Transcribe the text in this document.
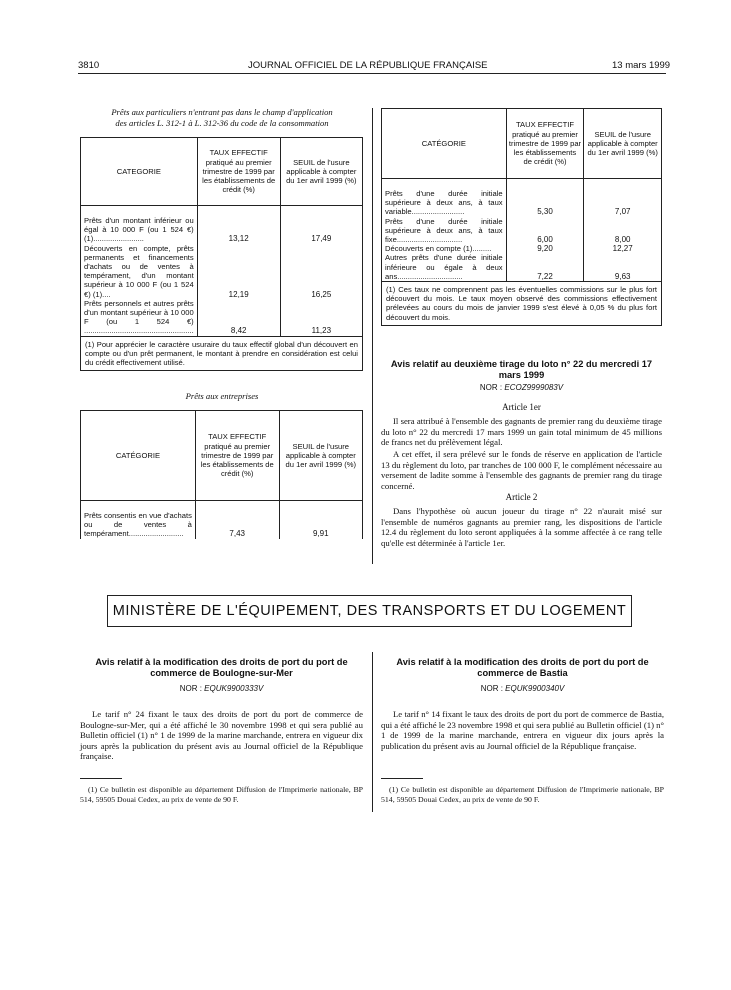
3810	JOURNAL OFFICIEL DE LA RÉPUBLIQUE FRANÇAISE	13 mars 1999
Prêts aux particuliers n'entrant pas dans le champ d'application
des articles L. 312-1 à L. 312-36 du code de la consommation
CATEGORIE	TAUX EFFECTIF pratiqué au premier trimestre de 1999 par les établissements de crédit (%)	SEUIL de l'usure applicable à compter du 1er avril 1999 (%)

Prêts d'un montant inférieur ou égal à 10 000 F (ou 1 524 €) (1)........................	13,12	17,49
Découverts en compte, prêts permanents et financements d'achats ou de ventes à tempérament, d'un montant supérieur à 10 000 F (ou 1 524 €) (1)....	12,19	16,25
Prêts personnels et autres prêts d'un montant supérieur à 10 000 F (ou 1 524 €) ....................................................	8,42	11,23
(1) Pour apprécier le caractère usuraire du taux effectif global d'un découvert en compte ou d'un prêt permanent, le montant à prendre en considération est celui du crédit effectivement utilisé.		
Prêts aux entreprises
CATÉGORIE	TAUX EFFECTIF pratiqué au premier trimestre de 1999 par les établissements de crédit (%)	SEUIL de l'usure applicable à compter du 1er avril 1999 (%)

Prêts consentis en vue d'achats ou de ventes à tempérament..........................	7,43	9,91
CATÉGORIE	TAUX EFFECTIF pratiqué au premier trimestre de 1999 par les établissements de crédit (%)	SEUIL de l'usure applicable à compter du 1er avril 1999 (%)

Prêts d'une durée initiale supérieure à deux ans, à taux variable.........................	5,30	7,07
Prêts d'une durée initiale supérieure à deux ans, à taux fixe...............................	6,00	8,00
Découverts en compte (1).........	9,20	12,27
Autres prêts d'une durée initiale inférieure ou égale à deux ans...............................	7,22	9,63
(1) Ces taux ne comprennent pas les éventuelles commissions sur le plus fort découvert du mois. Le taux moyen observé des commissions effectivement prélevées au cours du mois de janvier 1999 s'est élevé à 0,05 % du plus fort découvert du mois.		
Avis relatif au deuxième tirage du loto n° 22 du mercredi 17 mars 1999
NOR : ECOZ9999083V
Article 1er
Il sera attribué à l'ensemble des gagnants de premier rang du deuxième tirage du loto n° 22 du mercredi 17 mars 1999 un gain total minimum de 45 millions de francs net du prélèvement légal.
A cet effet, il sera prélevé sur le fonds de réserve en application de l'article 13 du règlement du loto, par tranches de 100 000 F, le complément nécessaire au versement de ladite somme à l'ensemble des gagnants de premier rang du tirage concerné.
Article 2
Dans l'hypothèse où aucun joueur du tirage n° 22 n'aurait misé sur l'ensemble de numéros gagnants au premier rang, les dispositions de l'article 12.4 du règlement du loto seront appliquées à la somme affectée à ce rang telle qu'elle est déterminée à l'article 1er.
MINISTÈRE DE L'ÉQUIPEMENT, DES TRANSPORTS ET DU LOGEMENT
Avis relatif à la modification des droits de port du port de commerce de Boulogne-sur-Mer
NOR : EQUK9900333V
Le tarif n° 24 fixant le taux des droits de port du port de commerce de Boulogne-sur-Mer, qui a été affiché le 30 novembre 1998 et qui sera publié au Bulletin officiel (1) n° 1 de 1999 de la marine marchande, entrera en vigueur dix jours après la publication du présent avis au Journal officiel de la République française.
(1) Ce bulletin est disponible au département Diffusion de l'Imprimerie nationale, BP 514, 59505 Douai Cedex, au prix de vente de 90 F.
Avis relatif à la modification des droits de port du port de commerce de Bastia
NOR : EQUK9900340V
Le tarif n° 14 fixant le taux des droits de port du port de commerce de Bastia, qui a été affiché le 23 novembre 1998 et qui sera publié au Bulletin officiel (1) n° 1 de 1999 de la marine marchande, entrera en vigueur dix jours après la publication du présent avis au Journal officiel de la République française.
(1) Ce bulletin est disponible au département Diffusion de l'Imprimerie nationale, BP 514, 59505 Douai Cedex, au prix de vente de 90 F.
